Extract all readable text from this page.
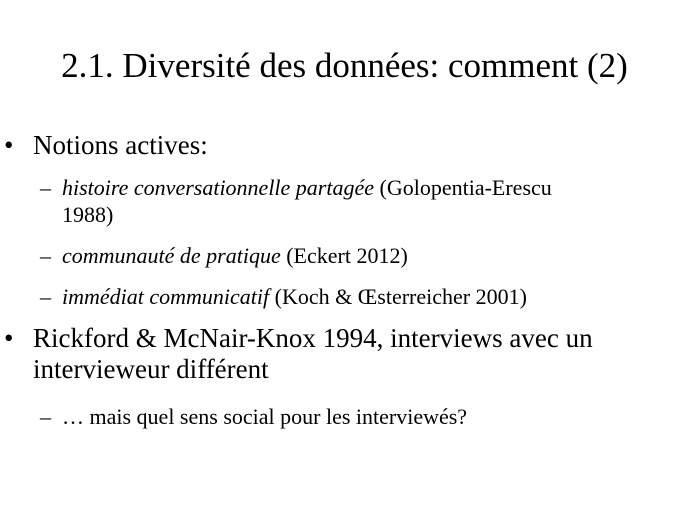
2.1. Diversité des données: comment (2)
• Notions actives:
– histoire conversationnelle partagée (Golopentia-Erescu
1988)
– communauté de pratique (Eckert 2012)
– immédiat communicatif (Koch & Œsterreicher 2001)
• Rickford & McNair-Knox 1994, interviews avec un
intervieweur différent
– … mais quel sens social pour les interviewés?
